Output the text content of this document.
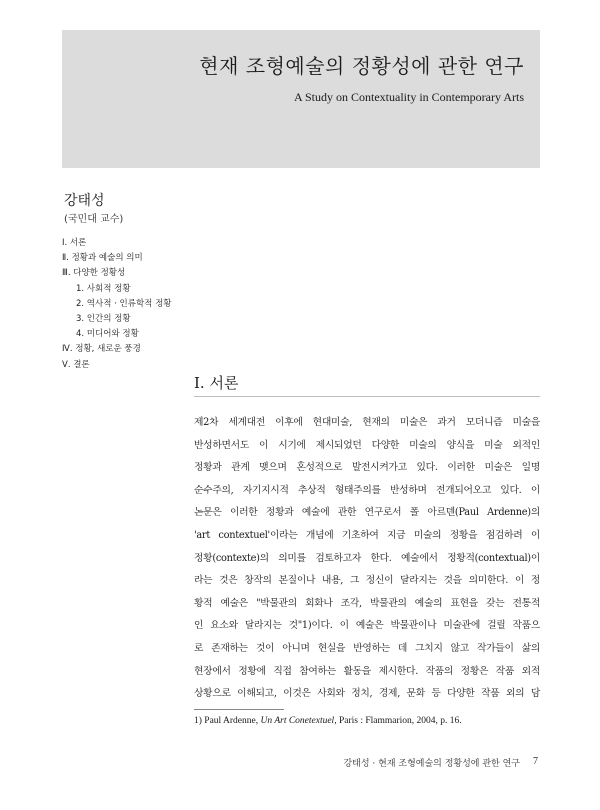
현재 조형예술의 정황성에 관한 연구
A Study on Contextuality in Contemporary Arts
강태성
(국민대 교수)
Ⅰ. 서론
Ⅱ. 정황과 예술의 의미
Ⅲ. 다양한 정황성
1. 사회적 정황
2. 역사적 · 인류학적 정황
3. 인간의 정황
4. 미디어와 정황
Ⅳ. 정황, 새로운 풍경
Ⅴ. 결론
Ⅰ. 서론
제2차 세계대전 이후에 현대미술, 현재의 미술은 과거 모더니즘 미술을
반성하면서도 이 시기에 제시되었던 다양한 미술의 양식을 미술 외적인
정황과 관계 맺으며 혼성적으로 발전시켜가고 있다. 이러한 미술은 일명
순수주의, 자기지시적 추상적 형태주의를 반성하며 전개되어오고 있다. 이
논문은 이러한 정황과 예술에 관한 연구로서 폴 아르덴(Paul Ardenne)의
'art contextuel'이라는 개념에 기초하여 지금 미술의 정황을 점검하려 이
정황(contexte)의 의미를 검토하고자 한다. 예술에서 정황적(contextual)이
라는 것은 창작의 본질이나 내용, 그 정신이 달라지는 것을 의미한다. 이 정
황적 예술은 "박물관의 회화나 조각, 박물관의 예술의 표현을 갖는 전통적
인 요소와 달라지는 것"1)이다. 이 예술은 박물관이나 미술관에 걸릴 작품으
로 존재하는 것이 아니며 현실을 반영하는 데 그치지 않고 작가들이 삶의
현장에서 정황에 직접 참여하는 활동을 제시한다. 작품의 정황은 작품 외적
상황으로 이해되고, 이것은 사회와 정치, 경제, 문화 등 다양한 작품 외의 담
1) Paul Ardenne, Un Art Conetextuel, Paris : Flammarion, 2004, p. 16.
강태성 · 현재 조형예술의 정황성에 관한 연구 7
